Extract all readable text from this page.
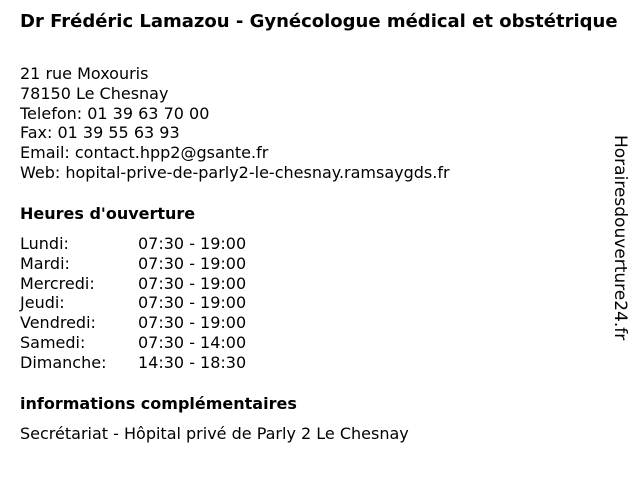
Dr Frédéric Lamazou - Gynécologue médical et obstétrique
21 rue Moxouris
78150 Le Chesnay
Telefon: 01 39 63 70 00
Fax: 01 39 55 63 93
Email: contact.hpp2@gsante.fr
Web: hopital-prive-de-parly2-le-chesnay.ramsaygds.fr
Heures d'ouverture
Lundi:	07:30 - 19:00
Mardi:	07:30 - 19:00
Mercredi:	07:30 - 19:00
Jeudi:	07:30 - 19:00
Vendredi:	07:30 - 19:00
Samedi:	07:30 - 14:00
Dimanche: 14:30 - 18:30
informations complémentaires
Secrétariat - Hôpital privé de Parly 2 Le Chesnay
Horairesdouverture24.fr
